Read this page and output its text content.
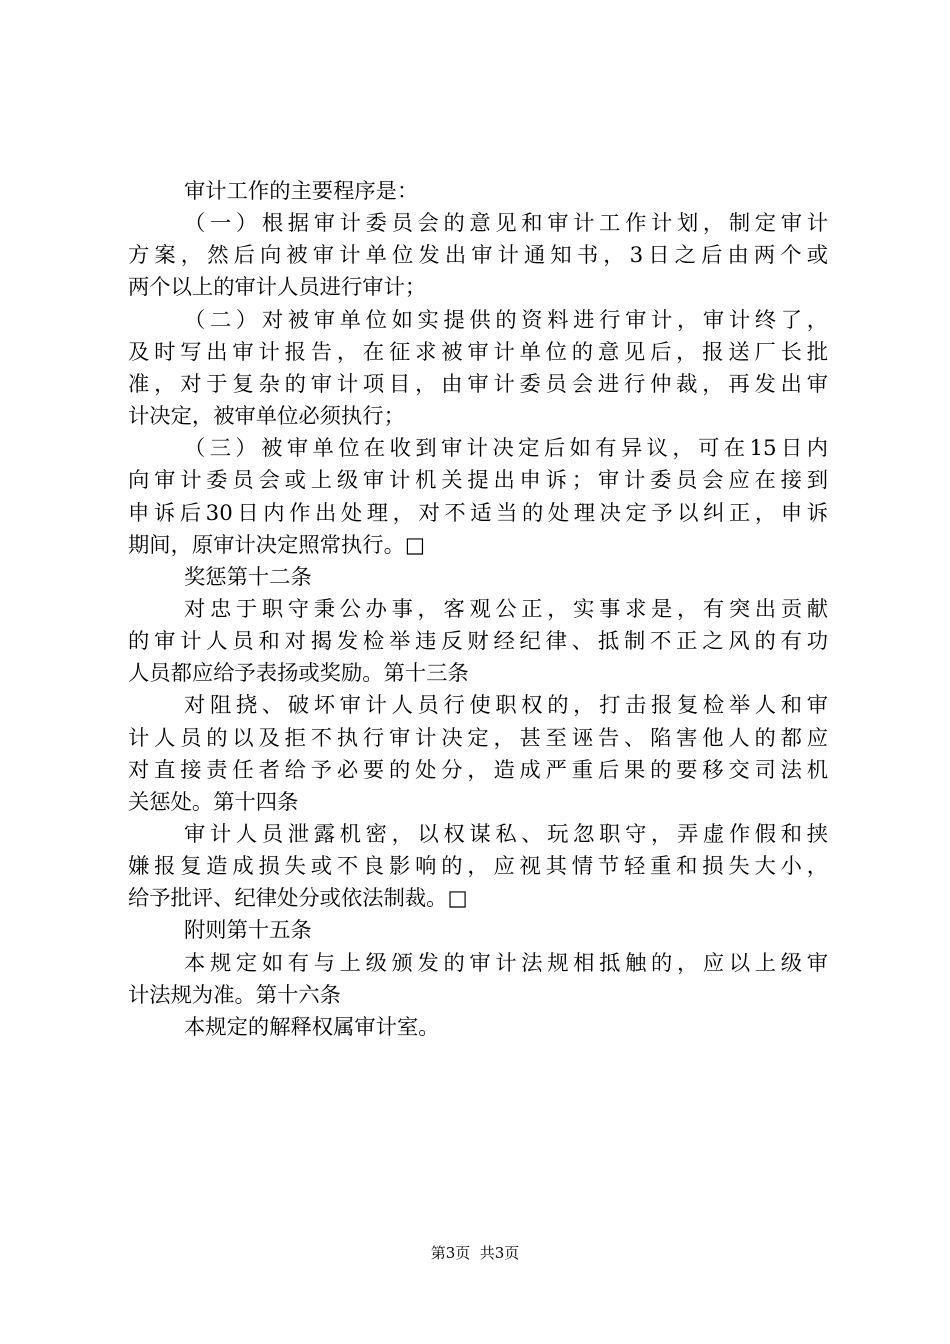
审计工作的主要程序是：
（一）根据审计委员会的意见和审计工作计划，制定审计
方案，然后向被审计单位发出审计通知书，3日之后由两个或
两个以上的审计人员进行审计；
（二）对被审单位如实提供的资料进行审计，审计终了，
及时写出审计报告，在征求被审计单位的意见后，报送厂长批
准，对于复杂的审计项目，由审计委员会进行仲裁，再发出审
计决定，被审单位必须执行；
（三）被审单位在收到审计决定后如有异议，可在15日内
向审计委员会或上级审计机关提出申诉；审计委员会应在接到
申诉后30日内作出处理，对不适当的处理决定予以纠正，申诉
期间，原审计决定照常执行。□
奖惩第十二条
对忠于职守秉公办事，客观公正，实事求是，有突出贡献
的审计人员和对揭发检举违反财经纪律、抵制不正之风的有功
人员都应给予表扬或奖励。第十三条
对阻挠、破坏审计人员行使职权的，打击报复检举人和审
计人员的以及拒不执行审计决定，甚至诬告、陷害他人的都应
对直接责任者给予必要的处分，造成严重后果的要移交司法机
关惩处。第十四条
审计人员泄露机密，以权谋私、玩忽职守，弄虚作假和挟
嫌报复造成损失或不良影响的，应视其情节轻重和损失大小，
给予批评、纪律处分或依法制裁。□
附则第十五条
本规定如有与上级颁发的审计法规相抵触的，应以上级审
计法规为准。第十六条
本规定的解释权属审计室。
第3页  共3页
